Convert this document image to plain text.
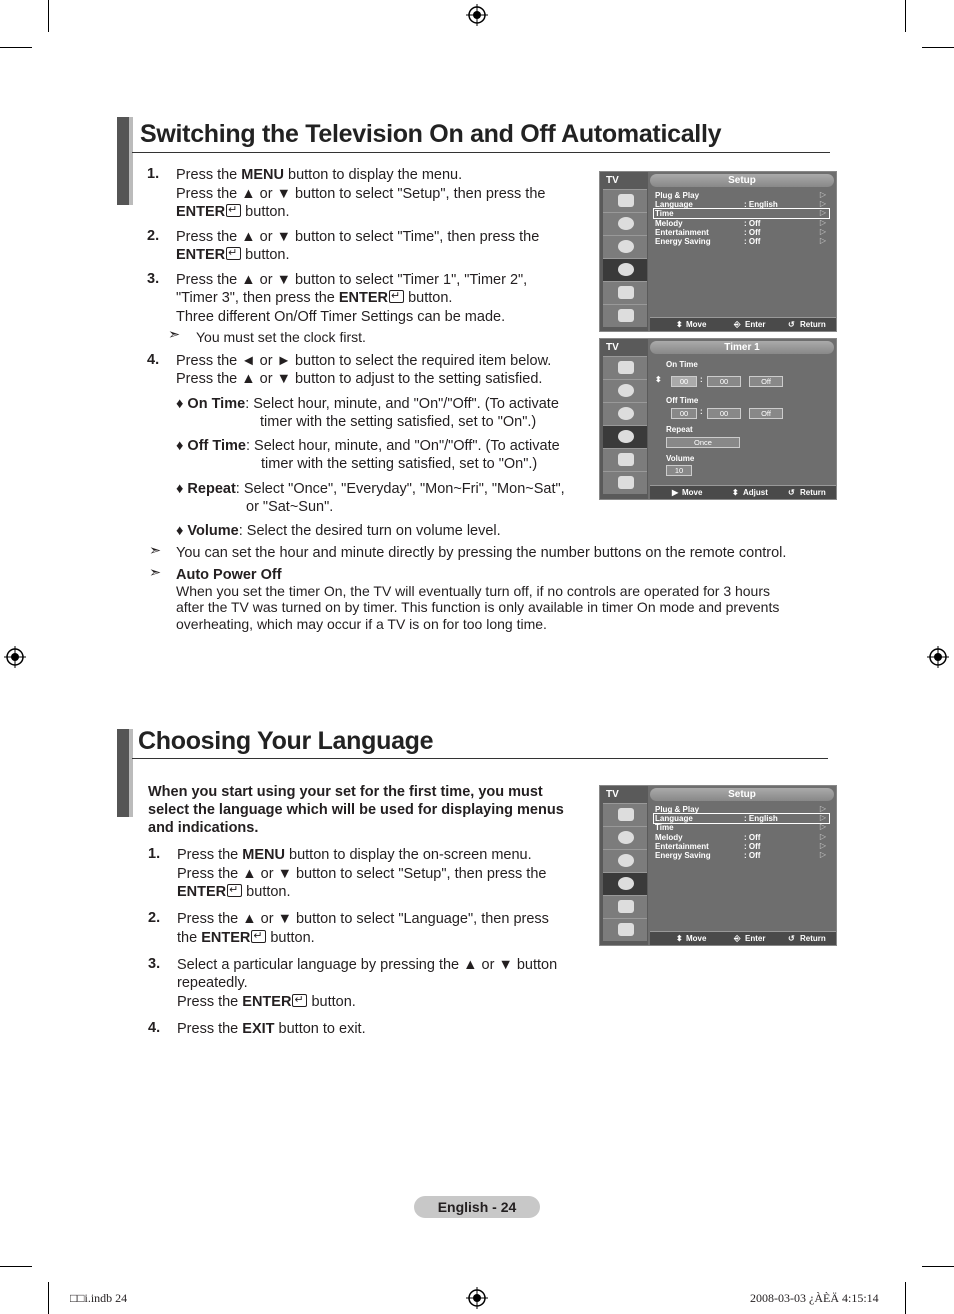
Switching the Television On and Off Automatically
1. Press the MENU button to display the menu.
Press the ▲ or ▼ button to select "Setup", then press the
ENTER↵ button.
2. Press the ▲ or ▼ button to select "Time", then press the
ENTER↵ button.
3. Press the ▲ or ▼ button to select "Timer 1", "Timer 2",
"Timer 3", then press the ENTER↵ button.
Three different On/Off Timer Settings can be made.
➣ You must set the clock first.
4. Press the ◄ or ► button to select the required item below.
Press the ▲ or ▼ button to adjust to the setting satisfied.
♦ On Time: Select hour, minute, and "On"/"Off". (To activate
timer with the setting satisfied, set to "On".)
♦ Off Time: Select hour, minute, and "On"/"Off". (To activate
timer with the setting satisfied, set to "On".)
♦ Repeat: Select "Once", "Everyday", "Mon~Fri", "Mon~Sat",
or "Sat~Sun".
♦ Volume: Select the desired turn on volume level.
➣ You can set the hour and minute directly by pressing the number buttons on the remote control.
➣ Auto Power Off
When you set the timer On, the TV will eventually turn off, if no controls are operated for 3 hours
after the TV was turned on by timer. This function is only available in timer On mode and prevents
overheating, which may occur if a TV is on for too long time.
TV	Setup
Plug & Play	▷
Language	: English	▷
Time	▷
Melody	: Off	▷
Entertainment	: Off	▷
Energy Saving	: Off	▷
⬍ Move	⎆ Enter	↺ Return
TV	Timer 1
On Time
⬍	00	:	00	Off
Off Time
00	:	00	Off
Repeat
Once
Volume
10
▶ Move	⬍ Adjust	↺ Return
Choosing Your Language
When you start using your set for the first time, you must
select the language which will be used for displaying menus
and indications.
1. Press the MENU button to display the on-screen menu.
Press the ▲ or ▼ button to select "Setup", then press the
ENTER↵ button.
2. Press the ▲ or ▼ button to select "Language", then press
the ENTER↵ button.
3. Select a particular language by pressing the ▲ or ▼ button
repeatedly.
Press the ENTER↵ button.
4. Press the EXIT button to exit.
TV	Setup
Plug & Play	▷
Language	: English	▷
Time	▷
Melody	: Off	▷
Entertainment	: Off	▷
Energy Saving	: Off	▷
⬍ Move	⎆ Enter	↺ Return
English - 24
□□i.indb 24	2008-03-03 ¿ÀÈÄ 4:15:14
